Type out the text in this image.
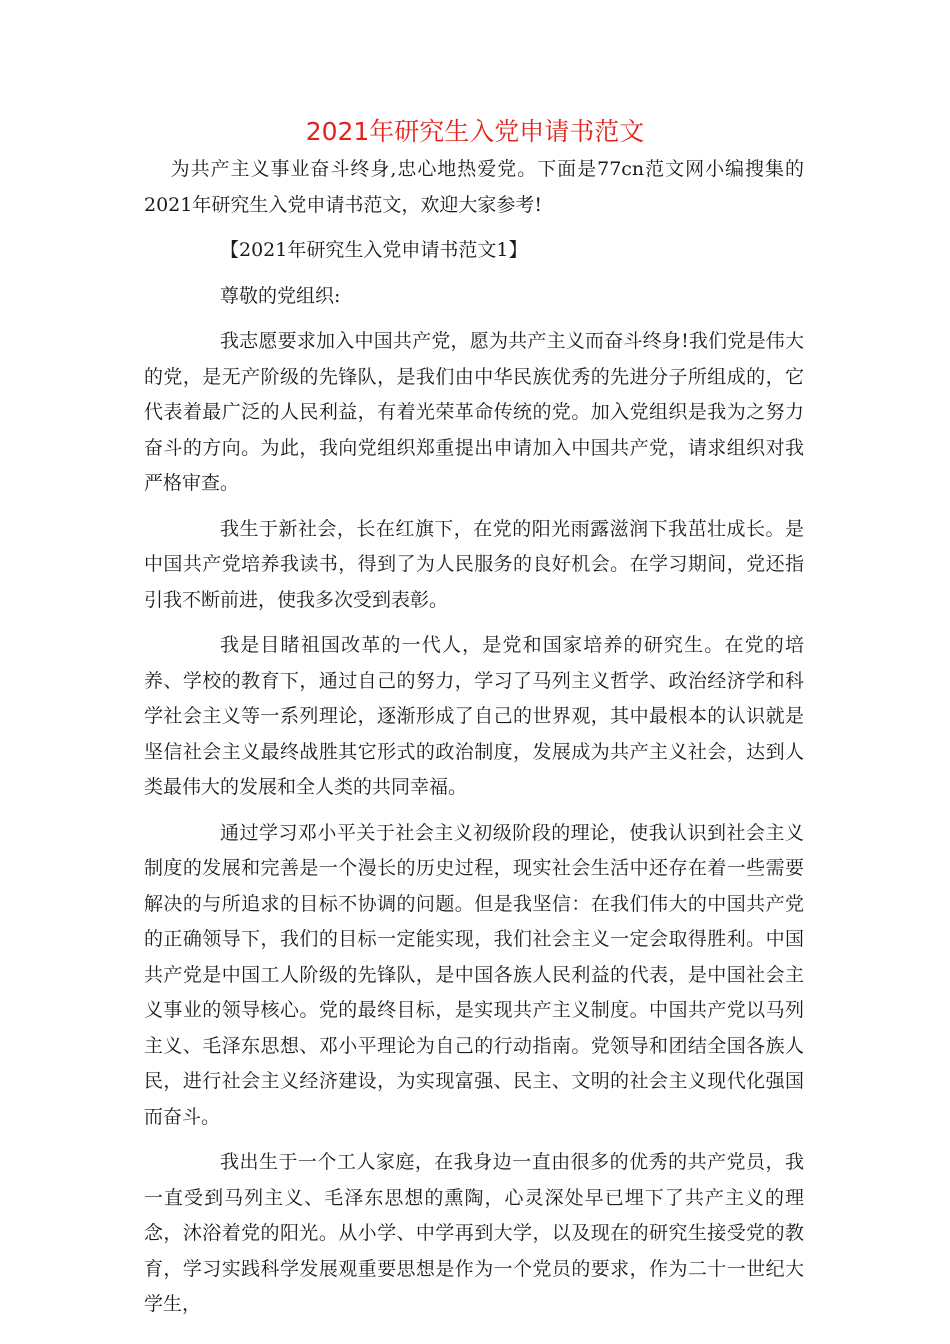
2021年研究生入党申请书范文

为共产主义事业奋斗终身,忠心地热爱党。下面是77cn范文网小编搜集的2021年研究生入党申请书范文，欢迎大家参考!

【2021年研究生入党申请书范文1】

尊敬的党组织:

我志愿要求加入中国共产党，愿为共产主义而奋斗终身!我们党是伟大的党，是无产阶级的先锋队，是我们由中华民族优秀的先进分子所组成的，它代表着最广泛的人民利益，有着光荣革命传统的党。加入党组织是我为之努力奋斗的方向。为此，我向党组织郑重提出申请加入中国共产党，请求组织对我严格审查。

我生于新社会，长在红旗下，在党的阳光雨露滋润下我茁壮成长。是中国共产党培养我读书，得到了为人民服务的良好机会。在学习期间，党还指引我不断前进，使我多次受到表彰。

我是目睹祖国改革的一代人，是党和国家培养的研究生。在党的培养、学校的教育下，通过自己的努力，学习了马列主义哲学、政治经济学和科学社会主义等一系列理论，逐渐形成了自己的世界观，其中最根本的认识就是坚信社会主义最终战胜其它形式的政治制度，发展成为共产主义社会，达到人类最伟大的发展和全人类的共同幸福。

通过学习邓小平关于社会主义初级阶段的理论，使我认识到社会主义制度的发展和完善是一个漫长的历史过程，现实社会生活中还存在着一些需要解决的与所追求的目标不协调的问题。但是我坚信：在我们伟大的中国共产党的正确领导下，我们的目标一定能实现，我们社会主义一定会取得胜利。中国共产党是中国工人阶级的先锋队，是中国各族人民利益的代表，是中国社会主义事业的领导核心。党的最终目标，是实现共产主义制度。中国共产党以马列主义、毛泽东思想、邓小平理论为自己的行动指南。党领导和团结全国各族人民，进行社会主义经济建设，为实现富强、民主、文明的社会主义现代化强国而奋斗。

我出生于一个工人家庭，在我身边一直由很多的优秀的共产党员，我一直受到马列主义、毛泽东思想的熏陶，心灵深处早已埋下了共产主义的理念，沐浴着党的阳光。从小学、中学再到大学，以及现在的研究生接受党的教育，学习实践科学发展观重要思想是作为一个党员的要求，作为二十一世纪大学生，
